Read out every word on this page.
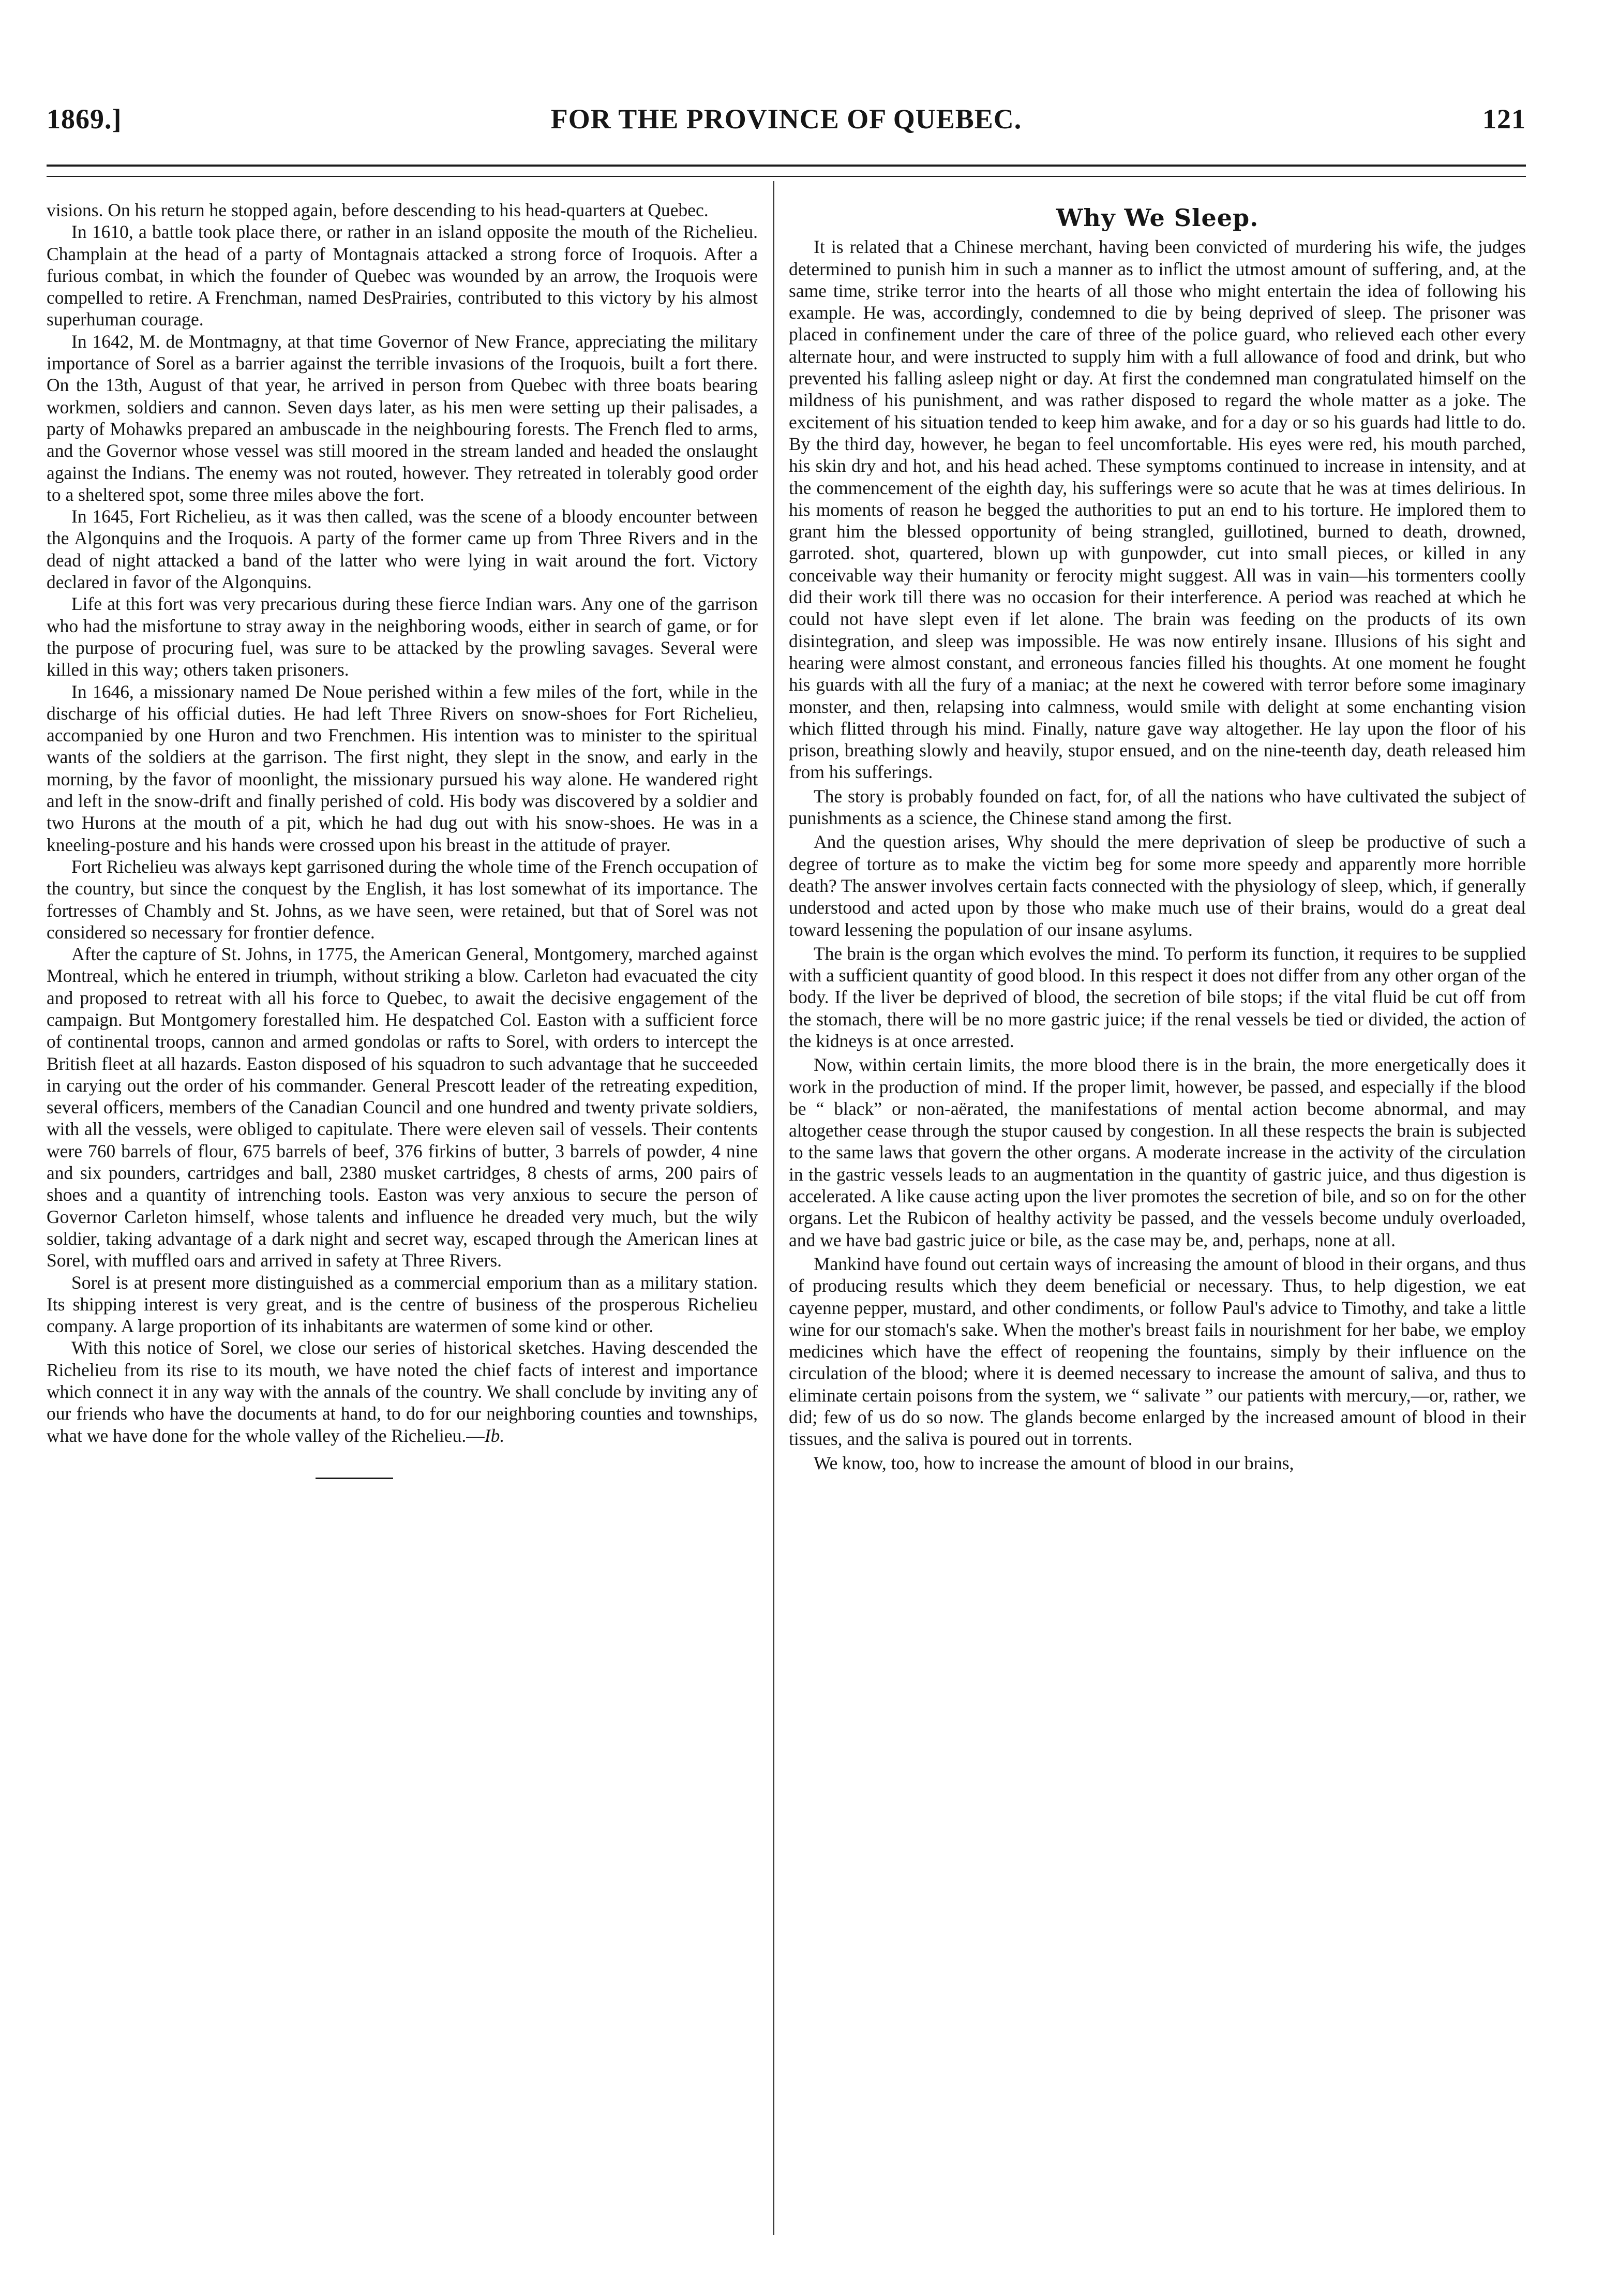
1869.]	FOR THE PROVINCE OF QUEBEC.	121

visions. On his return he stopped again, before descending to his head-quarters at Quebec.

In 1610, a battle took place there, or rather in an island opposite the mouth of the Richelieu. Champlain at the head of a party of Montagnais attacked a strong force of Iroquois. After a furious combat, in which the founder of Quebec was wounded by an arrow, the Iroquois were compelled to retire. A Frenchman, named DesPrairies, contributed to this victory by his almost superhuman courage.

In 1642, M. de Montmagny, at that time Governor of New France, appreciating the military importance of Sorel as a barrier against the terrible invasions of the Iroquois, built a fort there. On the 13th, August of that year, he arrived in person from Quebec with three boats bearing workmen, soldiers and cannon. Seven days later, as his men were setting up their palisades, a party of Mohawks prepared an ambuscade in the neighbouring forests. The French fled to arms, and the Governor whose vessel was still moored in the stream landed and headed the onslaught against the Indians. The enemy was not routed, however. They retreated in tolerably good order to a sheltered spot, some three miles above the fort.

In 1645, Fort Richelieu, as it was then called, was the scene of a bloody encounter between the Algonquins and the Iroquois. A party of the former came up from Three Rivers and in the dead of night attacked a band of the latter who were lying in wait around the fort. Victory declared in favor of the Algonquins.

Life at this fort was very precarious during these fierce Indian wars. Any one of the garrison who had the misfortune to stray away in the neighboring woods, either in search of game, or for the purpose of procuring fuel, was sure to be attacked by the prowling savages. Several were killed in this way; others taken prisoners.

In 1646, a missionary named De Noue perished within a few miles of the fort, while in the discharge of his official duties. He had left Three Rivers on snow-shoes for Fort Richelieu, accompanied by one Huron and two Frenchmen. His intention was to minister to the spiritual wants of the soldiers at the garrison. The first night, they slept in the snow, and early in the morning, by the favor of moonlight, the missionary pursued his way alone. He wandered right and left in the snow-drift and finally perished of cold. His body was discovered by a soldier and two Hurons at the mouth of a pit, which he had dug out with his snow-shoes. He was in a kneeling-posture and his hands were crossed upon his breast in the attitude of prayer.

Fort Richelieu was always kept garrisoned during the whole time of the French occupation of the country, but since the conquest by the English, it has lost somewhat of its importance. The fortresses of Chambly and St. Johns, as we have seen, were retained, but that of Sorel was not considered so necessary for frontier defence.

After the capture of St. Johns, in 1775, the American General, Montgomery, marched against Montreal, which he entered in triumph, without striking a blow. Carleton had evacuated the city and proposed to retreat with all his force to Quebec, to await the decisive engagement of the campaign. But Montgomery forestalled him. He despatched Col. Easton with a sufficient force of continental troops, cannon and armed gondolas or rafts to Sorel, with orders to intercept the British fleet at all hazards. Easton disposed of his squadron to such advantage that he succeeded in carying out the order of his commander. General Prescott leader of the retreating expedition, several officers, members of the Canadian Council and one hundred and twenty private soldiers, with all the vessels, were obliged to capitulate. There were eleven sail of vessels. Their contents were 760 barrels of flour, 675 barrels of beef, 376 firkins of butter, 3 barrels of powder, 4 nine and six pounders, cartridges and ball, 2380 musket cartridges, 8 chests of arms, 200 pairs of shoes and a quantity of intrenching tools. Easton was very anxious to secure the person of Governor Carleton himself, whose talents and influence he dreaded very much, but the wily soldier, taking advantage of a dark night and secret way, escaped through the American lines at Sorel, with muffled oars and arrived in safety at Three Rivers.

Sorel is at present more distinguished as a commercial emporium than as a military station. Its shipping interest is very great, and is the centre of business of the prosperous Richelieu company. A large proportion of its inhabitants are watermen of some kind or other.

With this notice of Sorel, we close our series of historical sketches. Having descended the Richelieu from its rise to its mouth, we have noted the chief facts of interest and importance which connect it in any way with the annals of the country. We shall conclude by inviting any of our friends who have the documents at hand, to do for our neighboring counties and townships, what we have done for the whole valley of the Richelieu.—Ib.

Why We Sleep.

It is related that a Chinese merchant, having been convicted of murdering his wife, the judges determined to punish him in such a manner as to inflict the utmost amount of suffering, and, at the same time, strike terror into the hearts of all those who might entertain the idea of following his example. He was, accordingly, condemned to die by being deprived of sleep. The prisoner was placed in confinement under the care of three of the police guard, who relieved each other every alternate hour, and were instructed to supply him with a full allowance of food and drink, but who prevented his falling asleep night or day. At first the condemned man congratulated himself on the mildness of his punishment, and was rather disposed to regard the whole matter as a joke. The excitement of his situation tended to keep him awake, and for a day or so his guards had little to do. By the third day, however, he began to feel uncomfortable. His eyes were red, his mouth parched, his skin dry and hot, and his head ached. These symptoms continued to increase in intensity, and at the commencement of the eighth day, his sufferings were so acute that he was at times delirious. In his moments of reason he begged the authorities to put an end to his torture. He implored them to grant him the blessed opportunity of being strangled, guillotined, burned to death, drowned, garroted. shot, quartered, blown up with gunpowder, cut into small pieces, or killed in any conceivable way their humanity or ferocity might suggest. All was in vain—his tormenters coolly did their work till there was no occasion for their interference. A period was reached at which he could not have slept even if let alone. The brain was feeding on the products of its own disintegration, and sleep was impossible. He was now entirely insane. Illusions of his sight and hearing were almost constant, and erroneous fancies filled his thoughts. At one moment he fought his guards with all the fury of a maniac; at the next he cowered with terror before some imaginary monster, and then, relapsing into calmness, would smile with delight at some enchanting vision which flitted through his mind. Finally, nature gave way altogether. He lay upon the floor of his prison, breathing slowly and heavily, stupor ensued, and on the nine-teenth day, death released him from his sufferings.

The story is probably founded on fact, for, of all the nations who have cultivated the subject of punishments as a science, the Chinese stand among the first.

And the question arises, Why should the mere deprivation of sleep be productive of such a degree of torture as to make the victim beg for some more speedy and apparently more horrible death? The answer involves certain facts connected with the physiology of sleep, which, if generally understood and acted upon by those who make much use of their brains, would do a great deal toward lessening the population of our insane asylums.

The brain is the organ which evolves the mind. To perform its function, it requires to be supplied with a sufficient quantity of good blood. In this respect it does not differ from any other organ of the body. If the liver be deprived of blood, the secretion of bile stops; if the vital fluid be cut off from the stomach, there will be no more gastric juice; if the renal vessels be tied or divided, the action of the kidneys is at once arrested.

Now, within certain limits, the more blood there is in the brain, the more energetically does it work in the production of mind. If the proper limit, however, be passed, and especially if the blood be “ black” or non-aërated, the manifestations of mental action become abnormal, and may altogether cease through the stupor caused by congestion. In all these respects the brain is subjected to the same laws that govern the other organs. A moderate increase in the activity of the circulation in the gastric vessels leads to an augmentation in the quantity of gastric juice, and thus digestion is accelerated. A like cause acting upon the liver promotes the secretion of bile, and so on for the other organs. Let the Rubicon of healthy activity be passed, and the vessels become unduly overloaded, and we have bad gastric juice or bile, as the case may be, and, perhaps, none at all.

Mankind have found out certain ways of increasing the amount of blood in their organs, and thus of producing results which they deem beneficial or necessary. Thus, to help digestion, we eat cayenne pepper, mustard, and other condiments, or follow Paul's advice to Timothy, and take a little wine for our stomach's sake. When the mother's breast fails in nourishment for her babe, we employ medicines which have the effect of reopening the fountains, simply by their influence on the circulation of the blood; where it is deemed necessary to increase the amount of saliva, and thus to eliminate certain poisons from the system, we “ salivate ” our patients with mercury,—or, rather, we did; few of us do so now. The glands become enlarged by the increased amount of blood in their tissues, and the saliva is poured out in torrents.

We know, too, how to increase the amount of blood in our brains,
